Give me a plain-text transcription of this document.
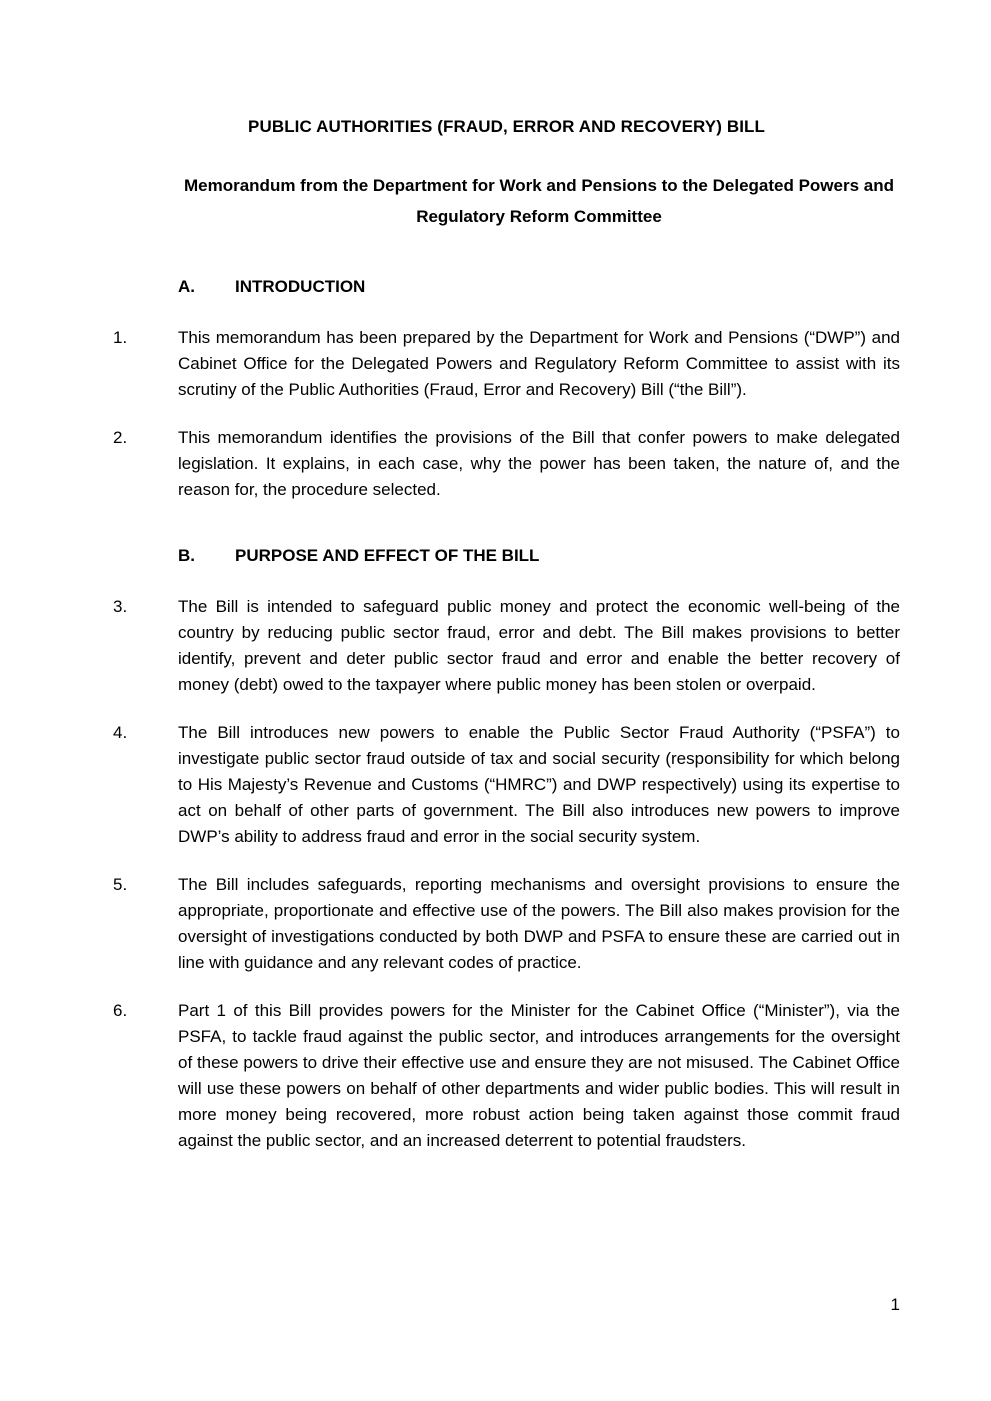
PUBLIC AUTHORITIES (FRAUD, ERROR AND RECOVERY) BILL
Memorandum from the Department for Work and Pensions to the Delegated Powers and Regulatory Reform Committee
A.	INTRODUCTION
1.	This memorandum has been prepared by the Department for Work and Pensions (“DWP”) and Cabinet Office for the Delegated Powers and Regulatory Reform Committee to assist with its scrutiny of the Public Authorities (Fraud, Error and Recovery) Bill (“the Bill”).
2.	This memorandum identifies the provisions of the Bill that confer powers to make delegated legislation. It explains, in each case, why the power has been taken, the nature of, and the reason for, the procedure selected.
B.	PURPOSE AND EFFECT OF THE BILL
3.	The Bill is intended to safeguard public money and protect the economic well-being of the country by reducing public sector fraud, error and debt. The Bill makes provisions to better identify, prevent and deter public sector fraud and error and enable the better recovery of money (debt) owed to the taxpayer where public money has been stolen or overpaid.
4.	The Bill introduces new powers to enable the Public Sector Fraud Authority (“PSFA”) to investigate public sector fraud outside of tax and social security (responsibility for which belong to His Majesty’s Revenue and Customs (“HMRC”) and DWP respectively) using its expertise to act on behalf of other parts of government. The Bill also introduces new powers to improve DWP’s ability to address fraud and error in the social security system.
5.	The Bill includes safeguards, reporting mechanisms and oversight provisions to ensure the appropriate, proportionate and effective use of the powers. The Bill also makes provision for the oversight of investigations conducted by both DWP and PSFA to ensure these are carried out in line with guidance and any relevant codes of practice.
6.	Part 1 of this Bill provides powers for the Minister for the Cabinet Office (“Minister”), via the PSFA, to tackle fraud against the public sector, and introduces arrangements for the oversight of these powers to drive their effective use and ensure they are not misused. The Cabinet Office will use these powers on behalf of other departments and wider public bodies. This will result in more money being recovered, more robust action being taken against those commit fraud against the public sector, and an increased deterrent to potential fraudsters.
1
